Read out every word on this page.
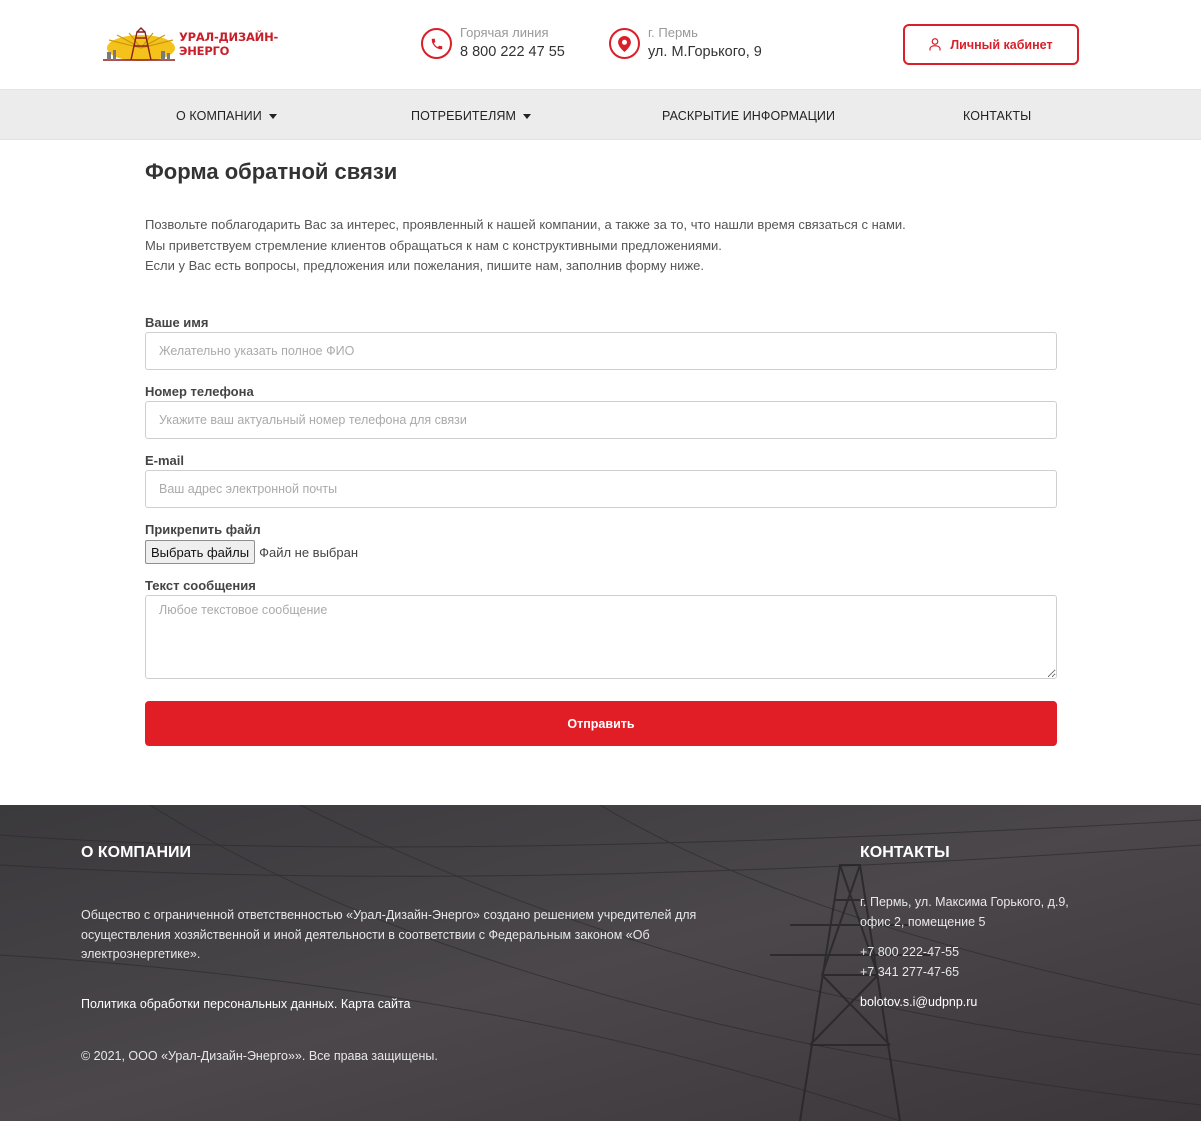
УРАЛ-ДИЗАЙН-ЭНЕРГО
Горячая линия
8 800 222 47 55
г. Пермь
ул. М.Горького, 9	Личный кабинет
О КОМПАНИИ	ПОТРЕБИТЕЛЯМ	РАСКРЫТИЕ ИНФОРМАЦИИ	КОНТАКТЫ
Форма обратной связи
Позвольте поблагодарить Вас за интерес, проявленный к нашей компании, а также за то, что нашли время связаться с нами.
Мы приветствуем стремление клиентов обращаться к нам с конструктивными предложениями.
Если у Вас есть вопросы, предложения или пожелания, пишите нам, заполнив форму ниже.
Ваше имя
Желательно указать полное ФИО
Номер телефона
Укажите ваш актуальный номер телефона для связи
E-mail
Ваш адрес электронной почты
Прикрепить файл
Выбрать файлы Файл не выбран
Текст сообщения
Любое текстовое сообщение
Отправить
О КОМПАНИИ
Общество с ограниченной ответственностью «Урал-Дизайн-Энерго» создано решением учредителей для
осуществления хозяйственной и иной деятельности в соответствии с Федеральным законом «Об
электроэнергетике».
Политика обработки персональных данных. Карта сайта
© 2021, ООО «Урал-Дизайн-Энерго»». Все права защищены.
КОНТАКТЫ
г. Пермь, ул. Максима Горького, д.9,
офис 2, помещение 5
+7 800 222-47-55
+7 341 277-47-65
bolotov.s.i@udpnp.ru
